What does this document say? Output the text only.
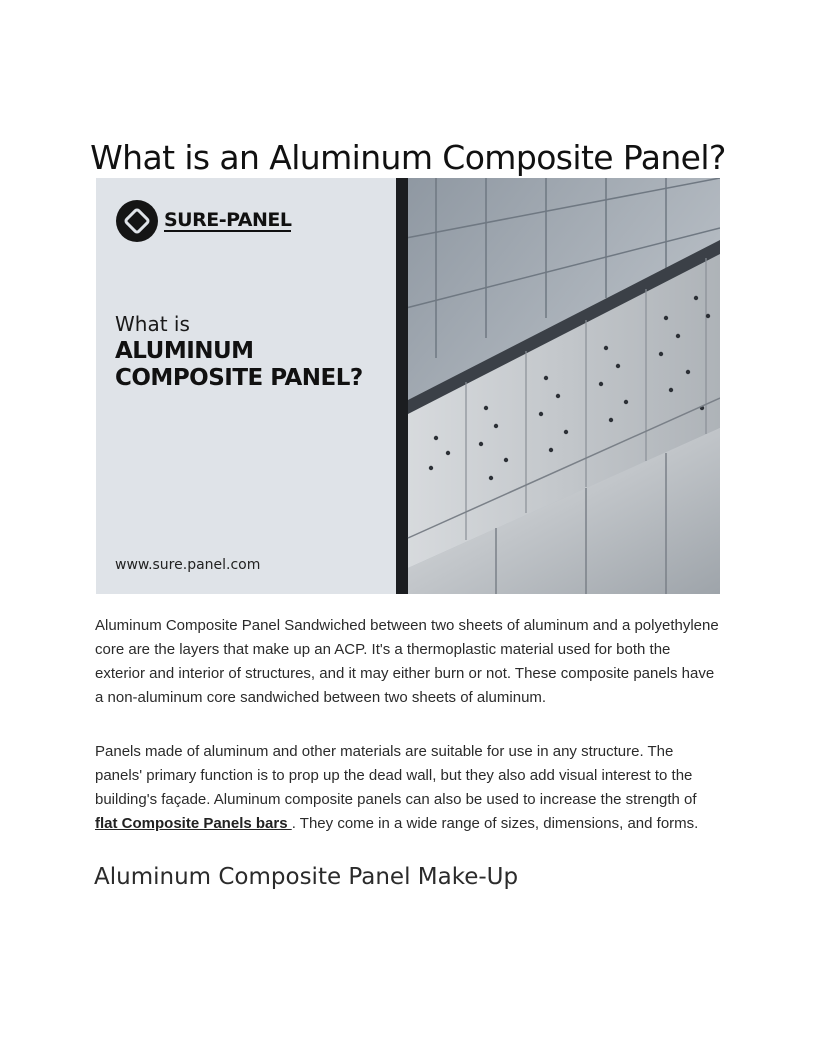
What is an Aluminum Composite Panel?
SURE-PANEL
What is
ALUMINUM
COMPOSITE PANEL?
www.sure.panel.com

Aluminum Composite Panel Sandwiched between two sheets of aluminum and a polyethylene core are the layers that make up an ACP. It's a thermoplastic material used for both the exterior and interior of structures, and it may either burn or not. These composite panels have a non-aluminum core sandwiched between two sheets of aluminum.

Panels made of aluminum and other materials are suitable for use in any structure. The panels' primary function is to prop up the dead wall, but they also add visual interest to the building's façade. Aluminum composite panels can also be used to increase the strength of flat Composite Panels bars . They come in a wide range of sizes, dimensions, and forms.

Aluminum Composite Panel Make-Up
